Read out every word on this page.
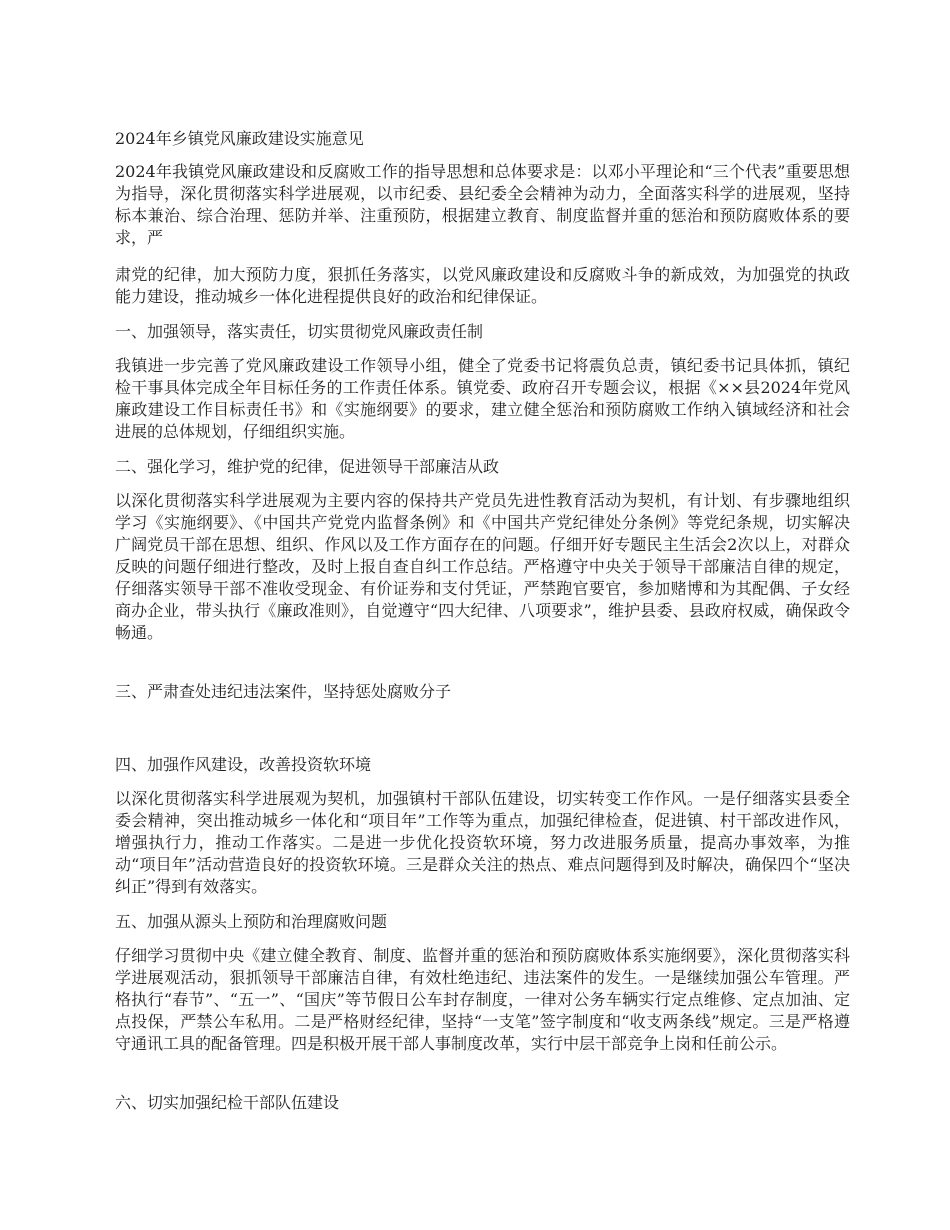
2024年乡镇党风廉政建设实施意见

2024年我镇党风廉政建设和反腐败工作的指导思想和总体要求是：以邓小平理论和“三个代表”重要思想为指导，深化贯彻落实科学进展观，以市纪委、县纪委全会精神为动力，全面落实科学的进展观，坚持标本兼治、综合治理、惩防并举、注重预防，根据建立教育、制度监督并重的惩治和预防腐败体系的要求，严

肃党的纪律，加大预防力度，狠抓任务落实，以党风廉政建设和反腐败斗争的新成效，为加强党的执政能力建设，推动城乡一体化进程提供良好的政治和纪律保证。

一、加强领导，落实责任，切实贯彻党风廉政责任制

我镇进一步完善了党风廉政建设工作领导小组，健全了党委书记将震负总责，镇纪委书记具体抓，镇纪检干事具体完成全年目标任务的工作责任体系。镇党委、政府召开专题会议，根据《××县2024年党风廉政建设工作目标责任书》和《实施纲要》的要求，建立健全惩治和预防腐败工作纳入镇域经济和社会进展的总体规划，仔细组织实施。

二、强化学习，维护党的纪律，促进领导干部廉洁从政

以深化贯彻落实科学进展观为主要内容的保持共产党员先进性教育活动为契机，有计划、有步骤地组织学习《实施纲要》、《中国共产党党内监督条例》和《中国共产党纪律处分条例》等党纪条规，切实解决广阔党员干部在思想、组织、作风以及工作方面存在的问题。仔细开好专题民主生活会2次以上，对群众反映的问题仔细进行整改，及时上报自查自纠工作总结。严格遵守中央关于领导干部廉洁自律的规定，仔细落实领导干部不准收受现金、有价证券和支付凭证，严禁跑官要官，参加赌博和为其配偶、子女经商办企业，带头执行《廉政准则》，自觉遵守“四大纪律、八项要求”，维护县委、县政府权威，确保政令畅通。

三、严肃查处违纪违法案件，坚持惩处腐败分子

四、加强作风建设，改善投资软环境

以深化贯彻落实科学进展观为契机，加强镇村干部队伍建设，切实转变工作作风。一是仔细落实县委全委会精神，突出推动城乡一体化和“项目年”工作等为重点，加强纪律检查，促进镇、村干部改进作风，增强执行力，推动工作落实。二是进一步优化投资软环境，努力改进服务质量，提高办事效率，为推动“项目年”活动营造良好的投资软环境。三是群众关注的热点、难点问题得到及时解决，确保四个“坚决纠正”得到有效落实。

五、加强从源头上预防和治理腐败问题

仔细学习贯彻中央《建立健全教育、制度、监督并重的惩治和预防腐败体系实施纲要》，深化贯彻落实科学进展观活动，狠抓领导干部廉洁自律，有效杜绝违纪、违法案件的发生。一是继续加强公车管理。严格执行“春节”、“五一”、“国庆”等节假日公车封存制度，一律对公务车辆实行定点维修、定点加油、定点投保，严禁公车私用。二是严格财经纪律，坚持“一支笔”签字制度和“收支两条线”规定。三是严格遵守通讯工具的配备管理。四是积极开展干部人事制度改革，实行中层干部竞争上岗和任前公示。

六、切实加强纪检干部队伍建设
